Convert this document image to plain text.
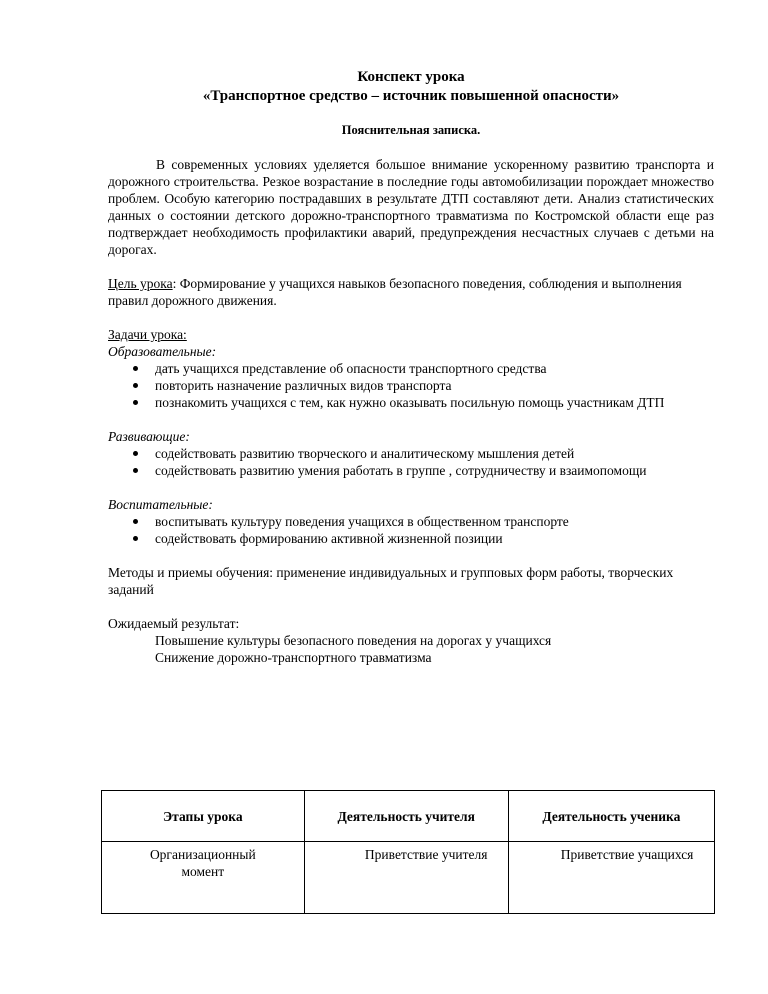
Конспект урока

«Транспортное средство – источник повышенной опасности»

Пояснительная записка.

В современных условиях уделяется большое внимание ускоренному развитию транспорта и дорожного строительства. Резкое возрастание в последние годы автомобилизации порождает множество проблем. Особую категорию пострадавших в результате ДТП составляют дети. Анализ статистических данных о состоянии детского дорожно-транспортного травматизма по Костромской области еще раз подтверждает необходимость профилактики аварий, предупреждения несчастных случаев с детьми на дорогах.

Цель урока: Формирование у учащихся навыков безопасного поведения, соблюдения и выполнения правил дорожного движения.

Задачи урока:

Образовательные:

дать учащихся представление об опасности транспортного средства
повторить назначение различных видов транспорта
познакомить учащихся с тем, как нужно оказывать посильную помощь участникам ДТП

Развивающие:

содействовать развитию творческого и аналитическому мышления детей
содействовать развитию умения работать в группе , сотрудничеству и взаимопомощи

Воспитательные:

воспитывать культуру поведения учащихся в общественном транспорте
содействовать формированию активной жизненной позиции

Методы и приемы обучения: применение индивидуальных и групповых форм работы, творческих заданий

Ожидаемый результат:

Повышение культуры безопасного поведения на дорогах у учащихся

Снижение дорожно-транспортного травматизма

Этапы урока	Деятельность учителя	Деятельность ученика

Организационный момент	Приветствие учителя	Приветствие учащихся
